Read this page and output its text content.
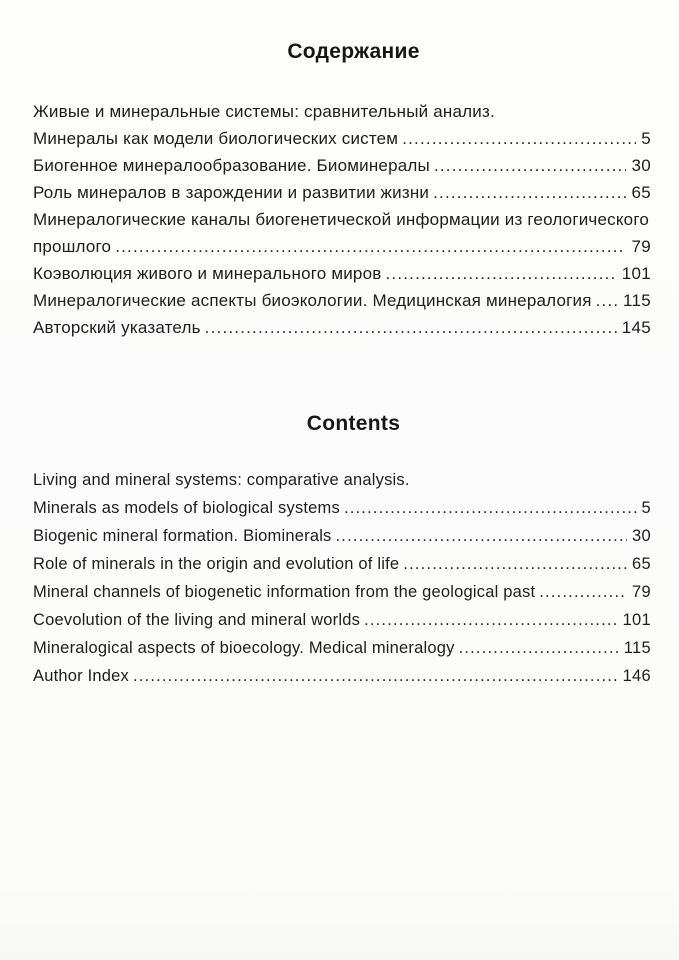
Содержание
Живые и минеральные системы: сравнительный анализ.
Минералы как модели биологических систем .....	5
Биогенное минералообразование. Биоминералы .....	30
Роль минералов в зарождении и развитии жизни .....	65
Минералогические каналы биогенетической информации из геологического
прошлого .....	79
Коэволюция живого и минерального миров .....	101
Минералогические аспекты биоэкологии. Медицинская минералогия ..... 115
Авторский указатель .....	145
Contents
Living and mineral systems: comparative analysis.
Minerals as models of biological systems .....	5
Biogenic mineral formation. Biominerals .....	30
Role of minerals in the origin and evolution of life .....	65
Mineral channels of biogenetic information from the geological past .....	79
Coevolution of the living and mineral worlds .....	101
Mineralogical aspects of bioecology. Medical mineralogy .....	115
Author Index .....	146
